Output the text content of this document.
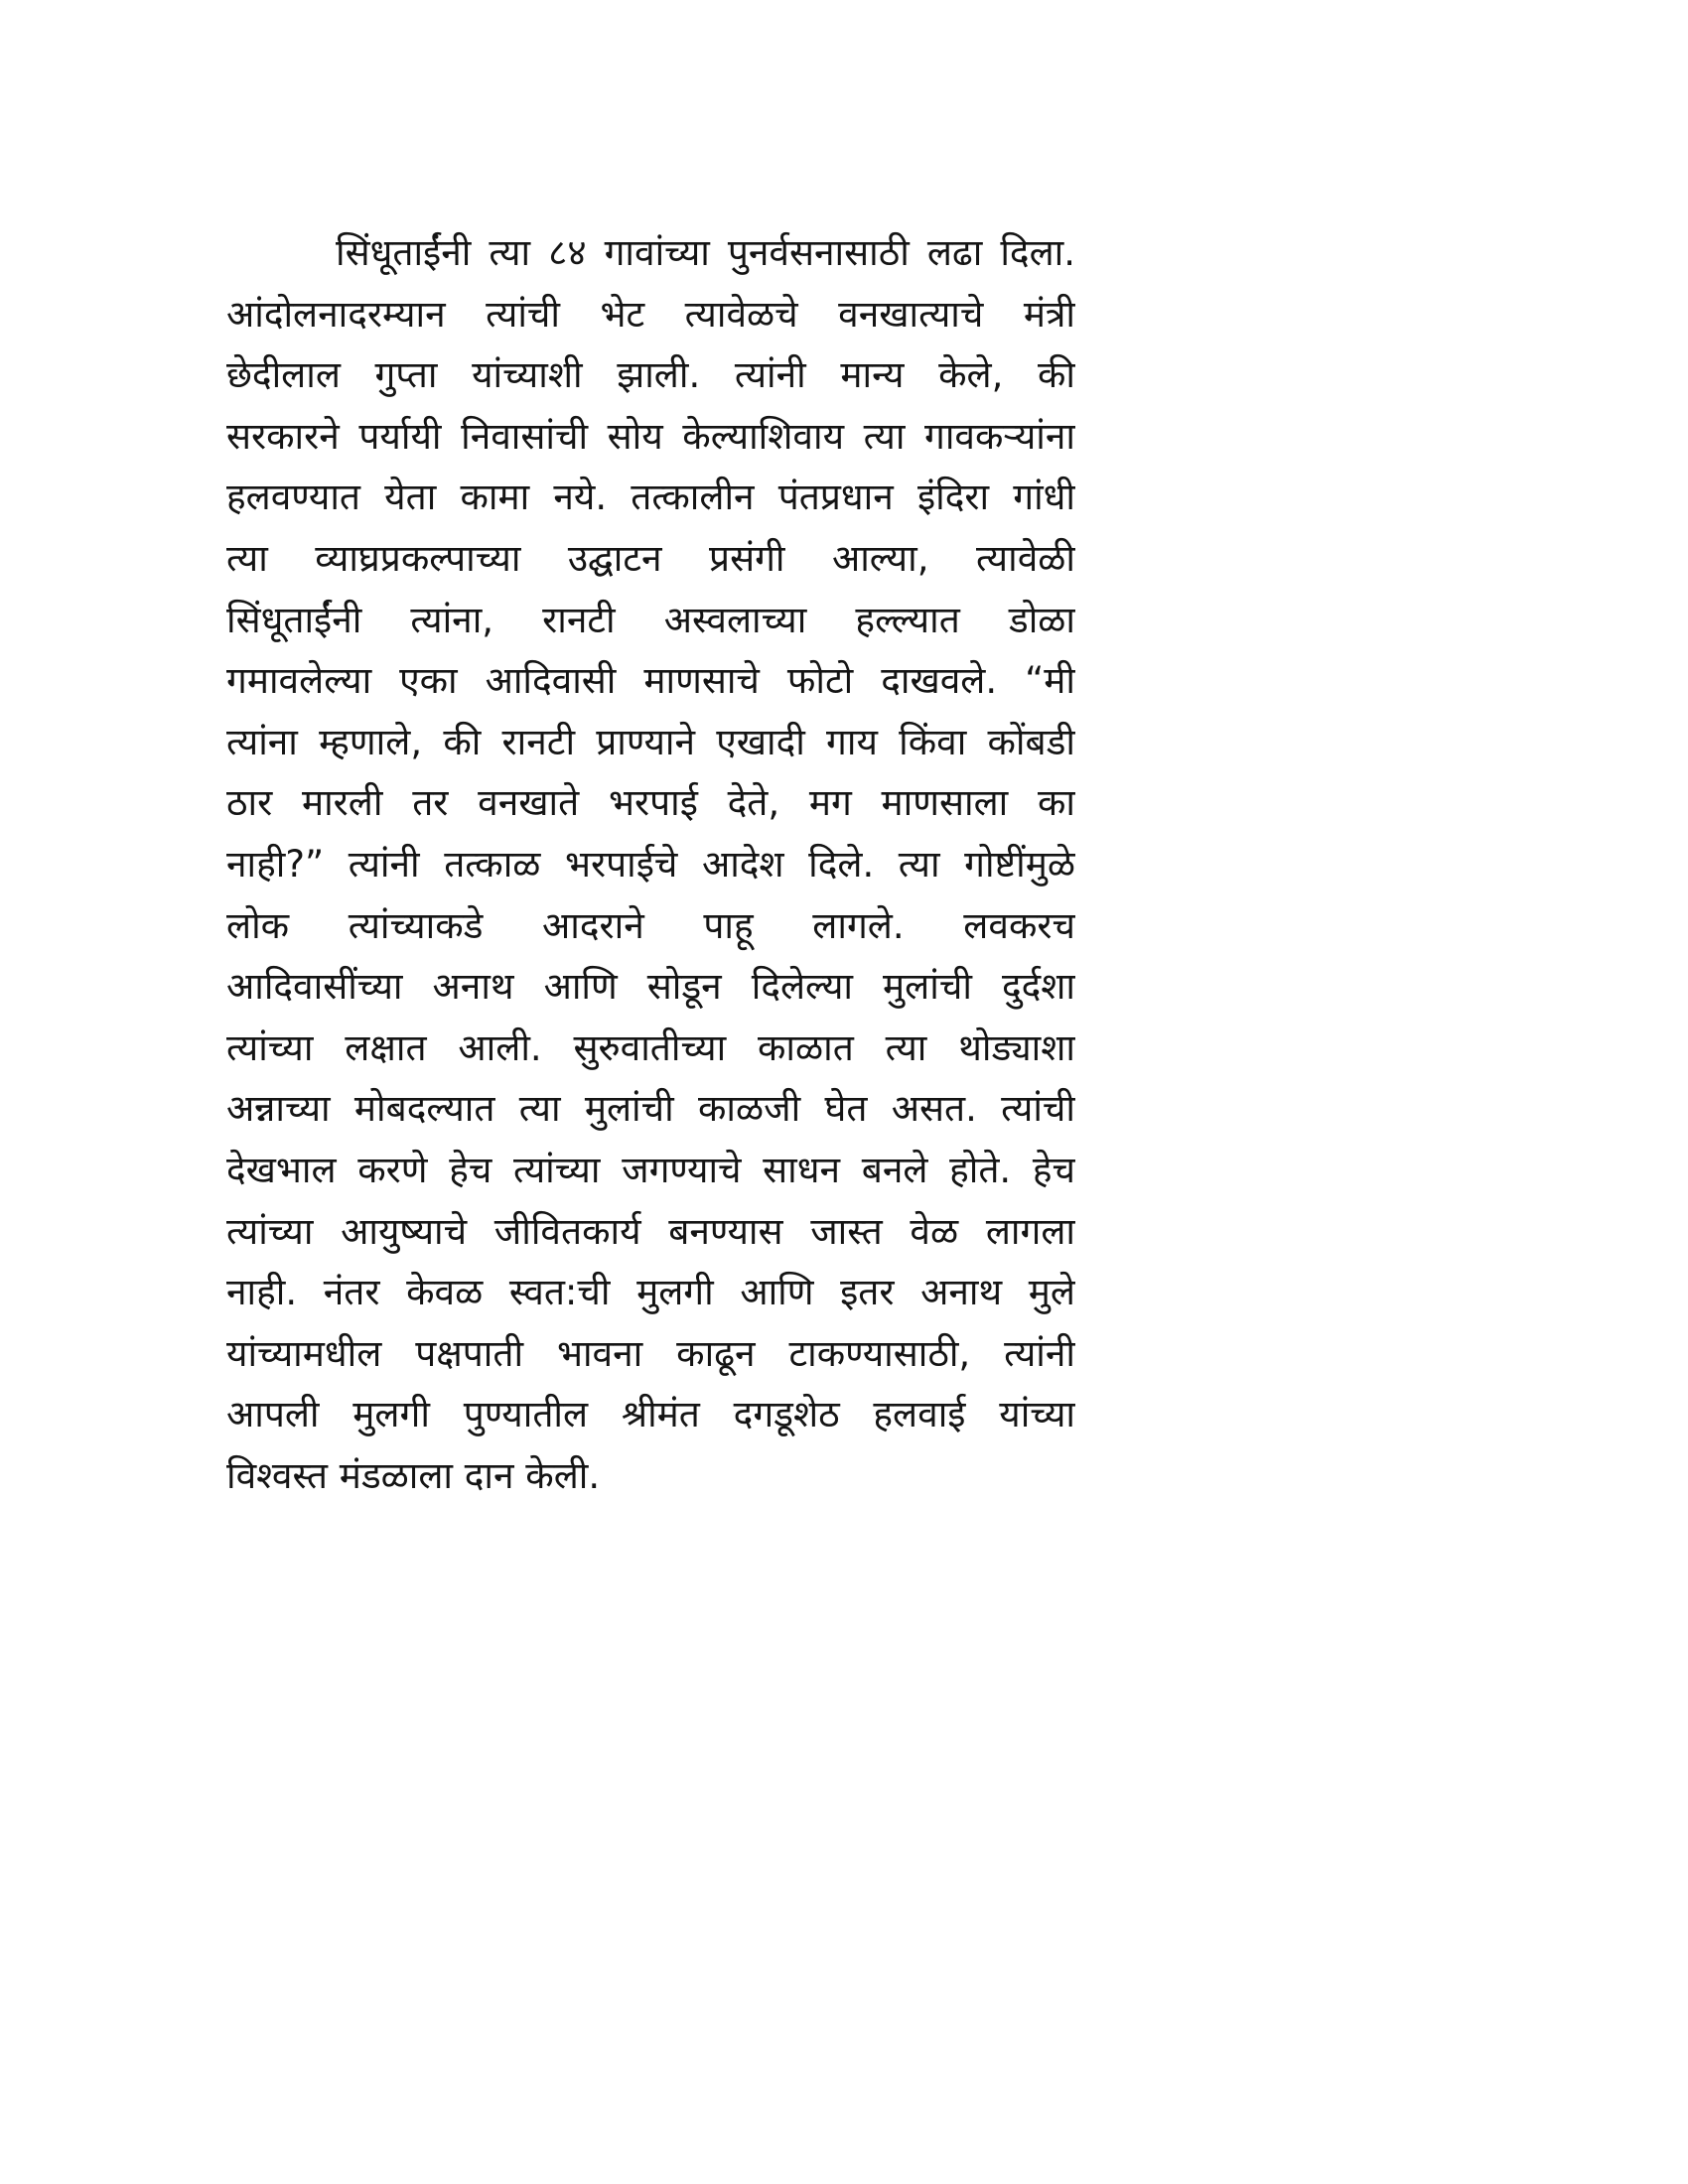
सिंधूताईंनी त्या ८४ गावांच्या पुनर्वसनासाठी लढा दिला.
आंदोलनादरम्यान त्यांची भेट त्यावेळचे वनखात्याचे मंत्री
छेदीलाल गुप्ता यांच्याशी झाली. त्यांनी मान्य केले, की
सरकारने पर्यायी निवासांची सोय केल्याशिवाय त्या गावकऱ्यांना
हलवण्यात येता कामा नये. तत्कालीन पंतप्रधान इंदिरा गांधी
त्या व्याघ्रप्रकल्पाच्या उद्घाटन प्रसंगी आल्या, त्यावेळी
सिंधूताईंनी त्यांना, रानटी अस्वलाच्या हल्ल्यात डोळा
गमावलेल्या एका आदिवासी माणसाचे फोटो दाखवले. “मी
त्यांना म्हणाले, की रानटी प्राण्याने एखादी गाय किंवा कोंबडी
ठार मारली तर वनखाते भरपाई देते, मग माणसाला का
नाही?” त्यांनी तत्काळ भरपाईचे आदेश दिले. त्या गोष्टींमुळे
लोक त्यांच्याकडे आदराने पाहू लागले. लवकरच
आदिवासींच्या अनाथ आणि सोडून दिलेल्या मुलांची दुर्दशा
त्यांच्या लक्षात आली. सुरुवातीच्या काळात त्या थोड्याशा
अन्नाच्या मोबदल्यात त्या मुलांची काळजी घेत असत. त्यांची
देखभाल करणे हेच त्यांच्या जगण्याचे साधन बनले होते. हेच
त्यांच्या आयुष्याचे जीवितकार्य बनण्यास जास्त वेळ लागला
नाही. नंतर केवळ स्वत:ची मुलगी आणि इतर अनाथ मुले
यांच्यामधील पक्षपाती भावना काढून टाकण्यासाठी, त्यांनी
आपली मुलगी पुण्यातील श्रीमंत दगडूशेठ हलवाई यांच्या
विश्वस्त मंडळाला दान केली.
